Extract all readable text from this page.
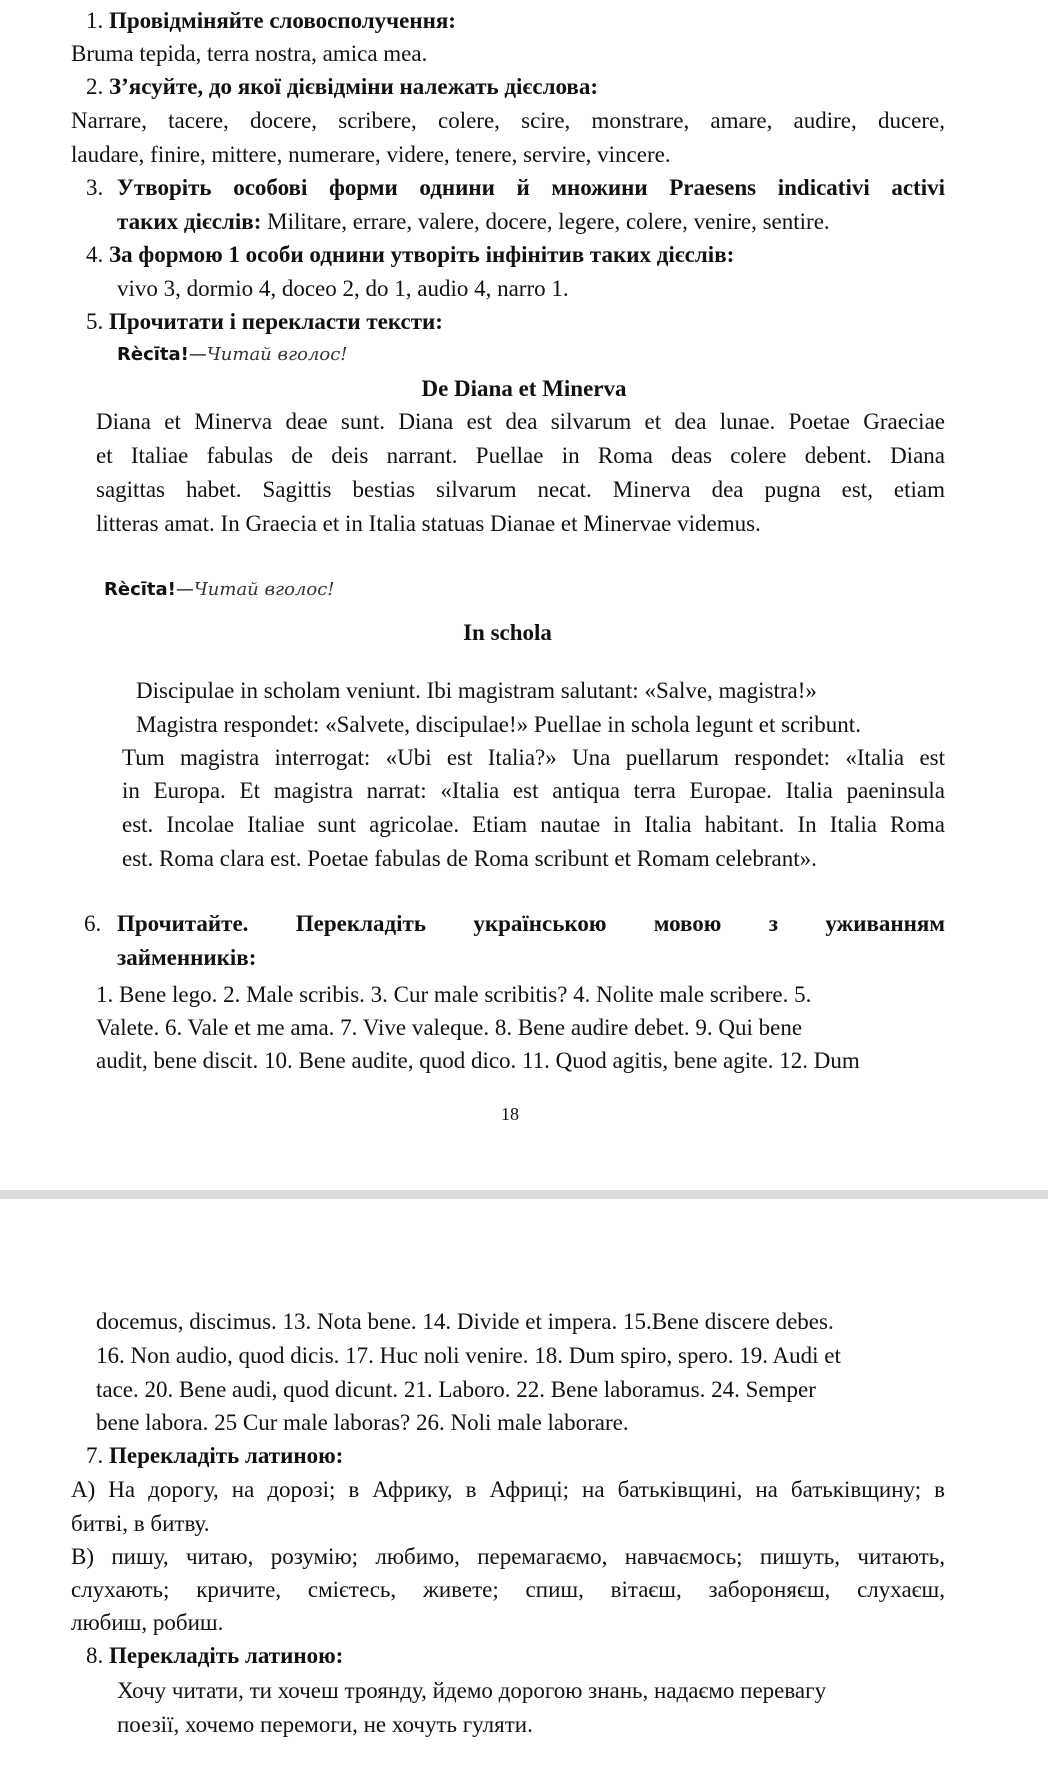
1. Провідміняйте словосполучення:
Bruma tepida, terra nostra, amica mea.
2. З’ясуйте, до якої дієвідміни належать дієслова:
Narrare, tacere, docere, scribere, colere, scire, monstrare, amare, audire, ducere,
laudare, finire, mittere, numerare, videre, tenere, servire, vincere.
3. Утворіть особові форми однини й множини Praesens indicativi activi
таких дієслів: Militare, errare, valere, docere, legere, colere, venire, sentire.
4. За формою 1 особи однини утворіть інфінітив таких дієслів:
vivo 3, dormio 4, doceo 2, do 1, audio 4, narro 1.
5. Прочитати і перекласти тексти:
Rècīta!—Читай вголос!
De Diana et Minerva
Diana et Minerva deae sunt. Diana est dea silvarum et dea lunae. Poetae Graeciae
et Italiae fabulas de deis narrant. Puellae in Roma deas colere debent. Diana
sagittas habet. Sagittis bestias silvarum necat. Minerva dea pugna est, etiam
litteras amat. In Graecia et in Italia statuas Dianae et Minervae videmus.
Rècīta!—Читай вголос!
In schola
Discipulae in scholam veniunt. Ibi magistram salutant: «Salve, magistra!»
Magistra respondet: «Salvete, discipulae!» Puellae in schola legunt et scribunt.
Tum magistra interrogat: «Ubi est Italia?» Una puellarum respondet: «Italia est
in Europa. Et magistra narrat: «Italia est antiqua terra Europae. Italia paeninsula
est. Incolae Italiae sunt agricolae. Etiam nautae in Italia habitant. In Italia Roma
est. Roma clara est. Poetae fabulas de Roma scribunt et Romam celebrant».
6. Прочитайте. Перекладіть українською мовою з уживанням
займенників:
1. Bene lego. 2. Male scribis. 3. Cur male scribitis? 4. Nolite male scribere. 5.
Valete. 6. Vale et me ama. 7. Vive valeque. 8. Bene audire debet. 9. Qui bene
audit, bene discit. 10. Bene audite, quod dico. 11. Quod agitis, bene agite. 12. Dum
18
docemus, discimus. 13. Nota bene. 14. Divide et impera. 15.Bene discere debes.
16. Non audio, quod dicis. 17. Huc noli venire. 18. Dum spiro, spero. 19. Audi et
tace. 20. Bene audi, quod dicunt. 21. Laboro. 22. Bene laboramus. 24. Semper
bene labora. 25 Cur male laboras? 26. Noli male laborare.
7. Перекладіть латиною:
А) На дорогу, на дорозі; в Африку, в Африці; на батьківщині, на батьківщину; в
битві, в битву.
В) пишу, читаю, розумію; любимо, перемагаємо, навчаємось; пишуть, читають,
слухають; кричите, смієтесь, живете; спиш, вітаєш, забороняєш, слухаєш,
любиш, робиш.
8. Перекладіть латиною:
Хочу читати, ти хочеш троянду, йдемо дорогою знань, надаємо перевагу
поезії, хочемо перемоги, не хочуть гуляти.
